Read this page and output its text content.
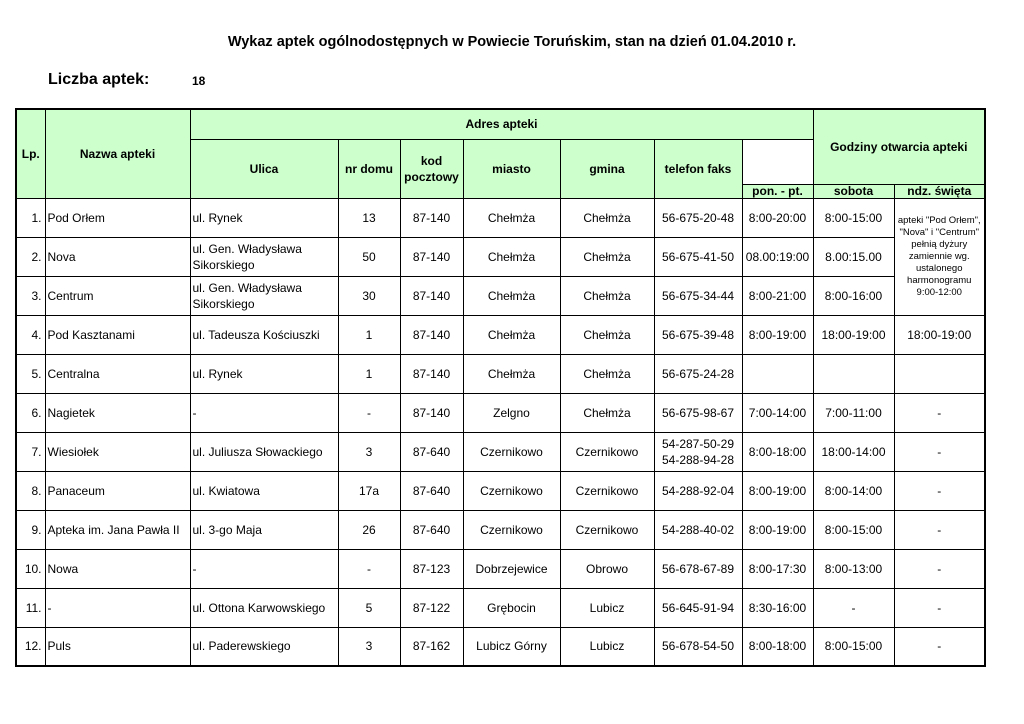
Wykaz aptek ogólnodostępnych w Powiecie Toruńskim, stan na dzień 01.04.2010 r.
Liczba aptek:	18
Lp.	Nazwa apteki	Adres apteki							Godziny otwarcia apteki	
		Ulica	nr domu	kod pocztowy	miasto	gmina	telefon faks			
								pon. - pt.	sobota	ndz. święta
1.	Pod Orłem	ul. Rynek	13	87-140	Chełmża	Chełmża	56-675-20-48	8:00-20:00	8:00-15:00	apteki "Pod Orłem", "Nova" i "Centrum" pełnią dyżury zamiennie wg. ustalonego harmonogramu 9:00-12:00
2.	Nova	ul. Gen. Władysława Sikorskiego	50	87-140	Chełmża	Chełmża	56-675-41-50	08.00:19:00	8.00:15.00	
3.	Centrum	ul. Gen. Władysława Sikorskiego	30	87-140	Chełmża	Chełmża	56-675-34-44	8:00-21:00	8:00-16:00	
4.	Pod Kasztanami	ul. Tadeusza Kościuszki	1	87-140	Chełmża	Chełmża	56-675-39-48	8:00-19:00	18:00-19:00	18:00-19:00
5.	Centralna	ul. Rynek	1	87-140	Chełmża	Chełmża	56-675-24-28			
6.	Nagietek	-	-	87-140	Zelgno	Chełmża	56-675-98-67	7:00-14:00	7:00-11:00	-
7.	Wiesiołek	ul. Juliusza Słowackiego	3	87-640	Czernikowo	Czernikowo	54-287-50-29 54-288-94-28	8:00-18:00	18:00-14:00	-
8.	Panaceum	ul. Kwiatowa	17a	87-640	Czernikowo	Czernikowo	54-288-92-04	8:00-19:00	8:00-14:00	-
9.	Apteka im. Jana Pawła II	ul. 3-go Maja	26	87-640	Czernikowo	Czernikowo	54-288-40-02	8:00-19:00	8:00-15:00	-
10.	Nowa	-	-	87-123	Dobrzejewice	Obrowo	56-678-67-89	8:00-17:30	8:00-13:00	-
11.	-	ul. Ottona Karwowskiego	5	87-122	Grębocin	Lubicz	56-645-91-94	8:30-16:00	-	-
12.	Puls	ul. Paderewskiego	3	87-162	Lubicz Górny	Lubicz	56-678-54-50	8:00-18:00	8:00-15:00	-
